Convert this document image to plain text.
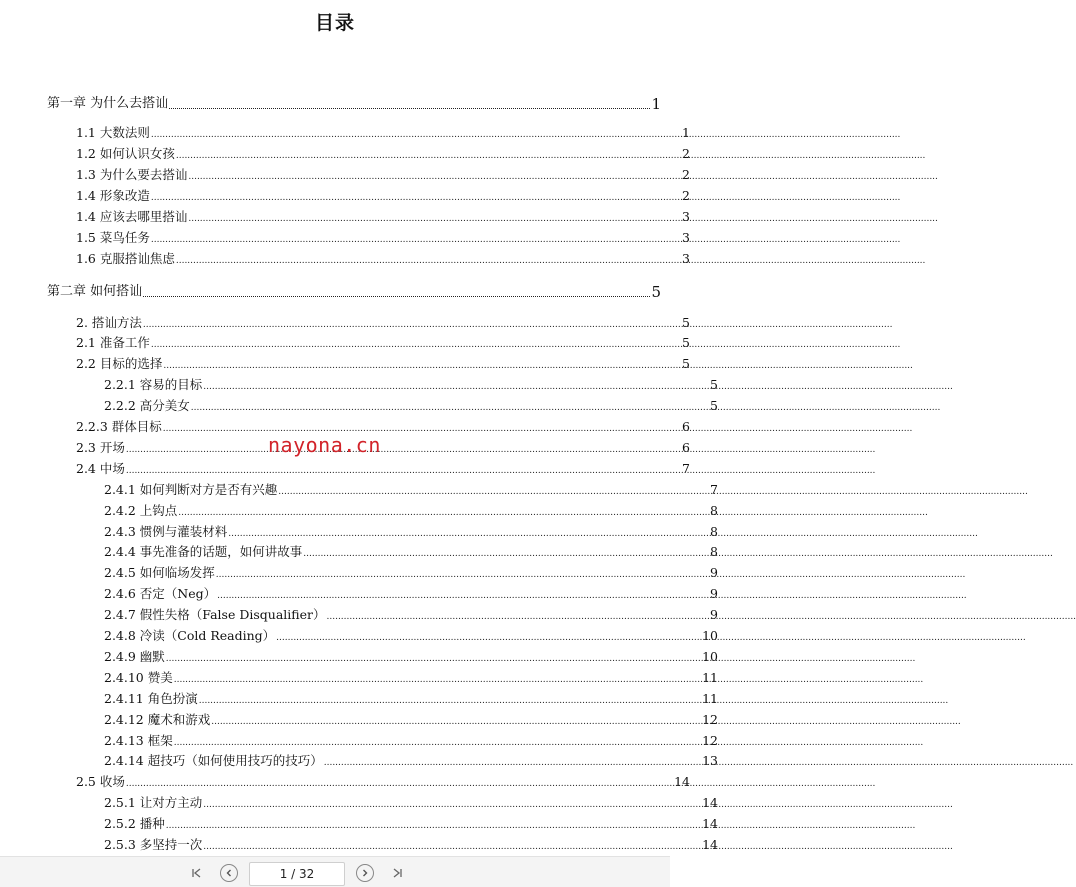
目录
第一章 为什么去搭讪	1
1.1 大数法则 .....	1
1.2 如何认识女孩 .....	2
1.3 为什么要去搭讪 .....	2
1.4 形象改造 .....	2
1.4 应该去哪里搭讪 .....	3
1.5 菜鸟任务 .....	3
1.6 克服搭讪焦虑 .....	3
第二章 如何搭讪	5
2. 搭讪方法 .....	5
2.1 准备工作 .....	5
2.2 目标的选择 .....	5
2.2.1 容易的目标 .....	5
2.2.2 高分美女 .....	5
2.2.3 群体目标 .....	6
2.3 开场 .....	6
2.4 中场 .....	7
2.4.1 如何判断对方是否有兴趣 .....	7
2.4.2 上钩点 .....	8
2.4.3 惯例与灌装材料 .....	8
2.4.4 事先准备的话题，如何讲故事 .....	8
2.4.5 如何临场发挥 .....	9
2.4.6 否定（Neg） .....	9
2.4.7 假性失格（False Disqualifier） .....	9
2.4.8 冷读（Cold Reading） .....	10
2.4.9 幽默 .....	10
2.4.10 赞美 .....	11
2.4.11 角色扮演 .....	11
2.4.12 魔术和游戏 .....	12
2.4.13 框架 .....	12
2.4.14 超技巧（如何使用技巧的技巧） .....	13
2.5 收场 .....	14
2.5.1 让对方主动 .....	14
2.5.2 播种 .....	14
2.5.3 多坚持一次 .....	14
nayona.cn
1 / 32
